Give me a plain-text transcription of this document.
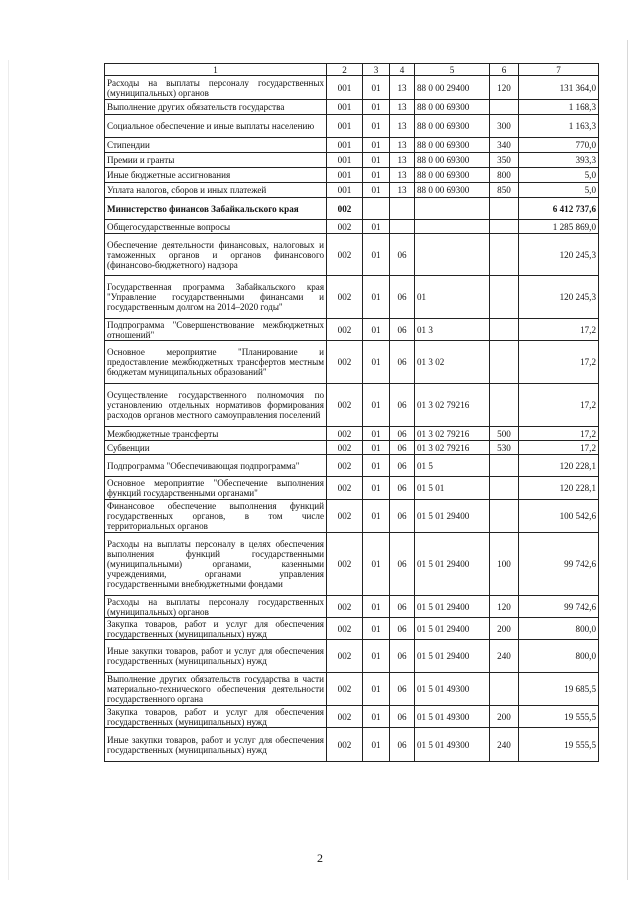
1	2	3	4	5	6	7
Расходы на выплаты персоналу государственных (муниципальных) органов	001	01	13	88 0 00 29400	120	131 364,0
Выполнение других обязательств государства	001	01	13	88 0 00 69300		1 168,3
Социальное обеспечение и иные выплаты населению	001	01	13	88 0 00 69300	300	1 163,3
Стипендии	001	01	13	88 0 00 69300	340	770,0
Премии и гранты	001	01	13	88 0 00 69300	350	393,3
Иные бюджетные ассигнования	001	01	13	88 0 00 69300	800	5,0
Уплата налогов, сборов и иных платежей	001	01	13	88 0 00 69300	850	5,0
Министерство финансов Забайкальского края	002					6 412 737,6
Общегосударственные вопросы	002	01				1 285 869,0
Обеспечение деятельности финансовых, налоговых и таможенных органов и органов финансового (финансово-бюджетного) надзора	002	01	06			120 245,3
Государственная программа Забайкальского края "Управление государственными финансами и государственным долгом на 2014–2020 годы"	002	01	06	01		120 245,3
Подпрограмма "Совершенствование межбюджетных отношений"	002	01	06	01 3		17,2
Основное мероприятие "Планирование и предоставление межбюджетных трансфертов местным бюджетам муниципальных образований"	002	01	06	01 3 02		17,2
Осуществление государственного полномочия по установлению отдельных нормативов формирования расходов органов местного самоуправления поселений	002	01	06	01 3 02 79216		17,2
Межбюджетные трансферты	002	01	06	01 3 02 79216	500	17,2
Субвенции	002	01	06	01 3 02 79216	530	17,2
Подпрограмма "Обеспечивающая подпрограмма"	002	01	06	01 5		120 228,1
Основное мероприятие "Обеспечение выполнения функций государственными органами"	002	01	06	01 5 01		120 228,1
Финансовое обеспечение выполнения функций государственных органов, в том числе территориальных органов	002	01	06	01 5 01 29400		100 542,6
Расходы на выплаты персоналу в целях обеспечения выполнения функций государственными (муниципальными) органами, казенными учреждениями, органами управления государственными внебюджетными фондами	002	01	06	01 5 01 29400	100	99 742,6
Расходы на выплаты персоналу государственных (муниципальных) органов	002	01	06	01 5 01 29400	120	99 742,6
Закупка товаров, работ и услуг для обеспечения государственных (муниципальных) нужд	002	01	06	01 5 01 29400	200	800,0
Иные закупки товаров, работ и услуг для обеспечения государственных (муниципальных) нужд	002	01	06	01 5 01 29400	240	800,0
Выполнение других обязательств государства в части материально-технического обеспечения деятельности государственного органа	002	01	06	01 5 01 49300		19 685,5
Закупка товаров, работ и услуг для обеспечения государственных (муниципальных) нужд	002	01	06	01 5 01 49300	200	19 555,5
Иные закупки товаров, работ и услуг для обеспечения государственных (муниципальных) нужд	002	01	06	01 5 01 49300	240	19 555,5
2
